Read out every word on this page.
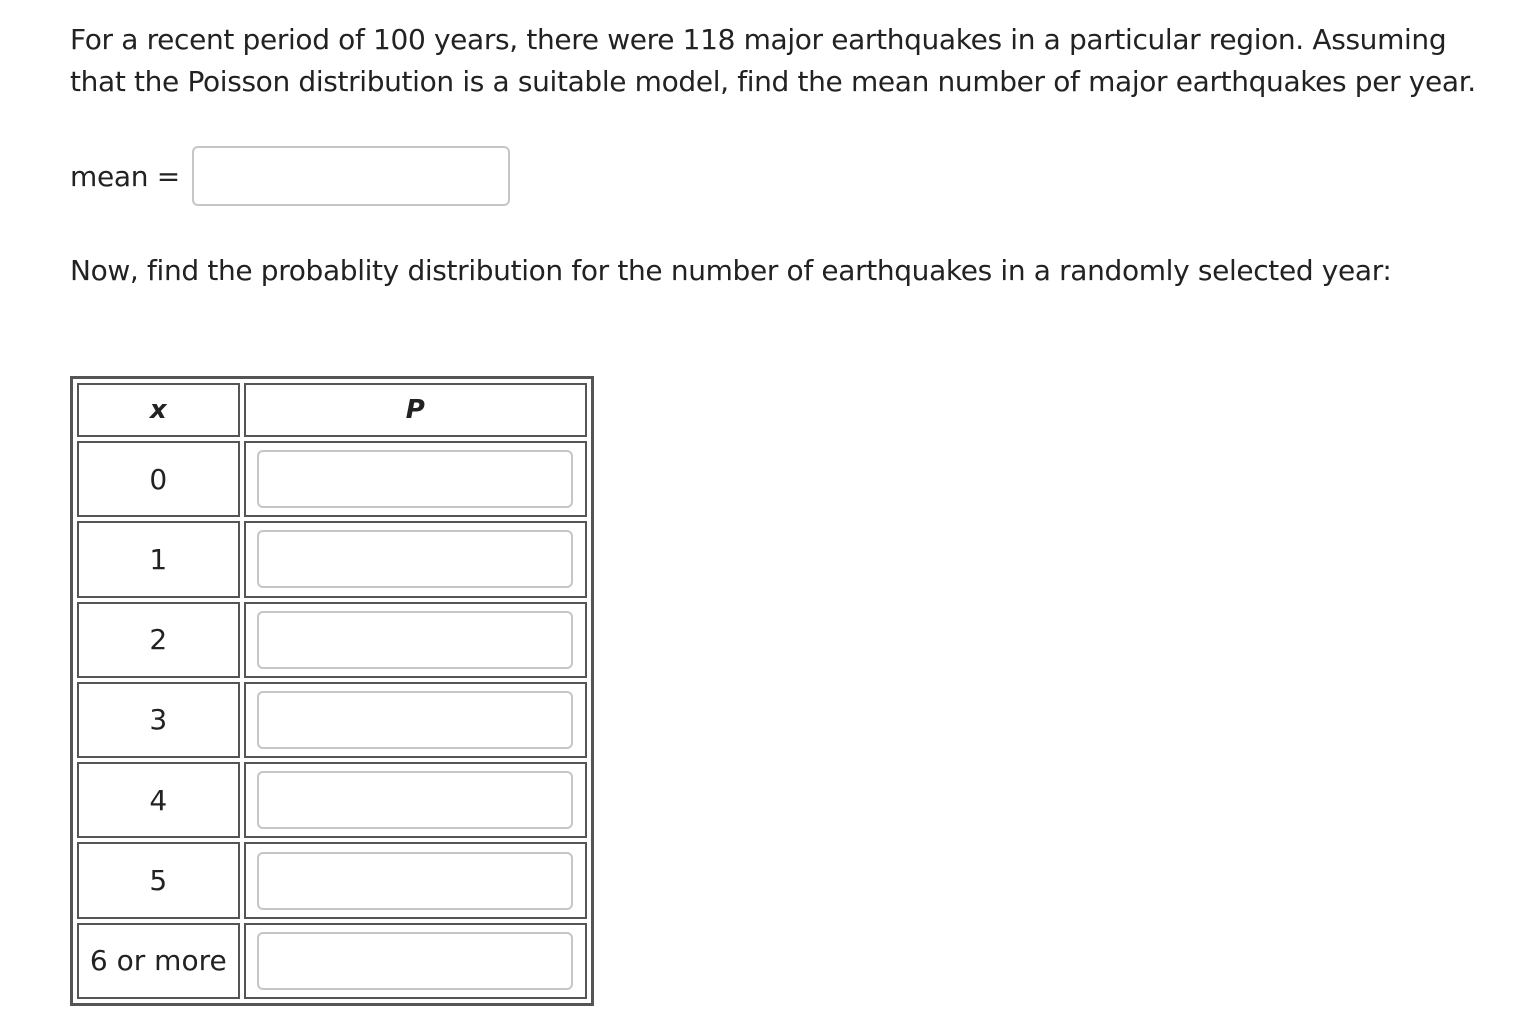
For a recent period of 100 years, there were 118 major earthquakes in a particular region. Assuming that the Poisson distribution is a suitable model, find the mean number of major earthquakes per year.

mean =

Now, find the probablity distribution for the number of earthquakes in a randomly selected year:

x	P
0	

1	

2	

3	

4	

5	

6 or more	
